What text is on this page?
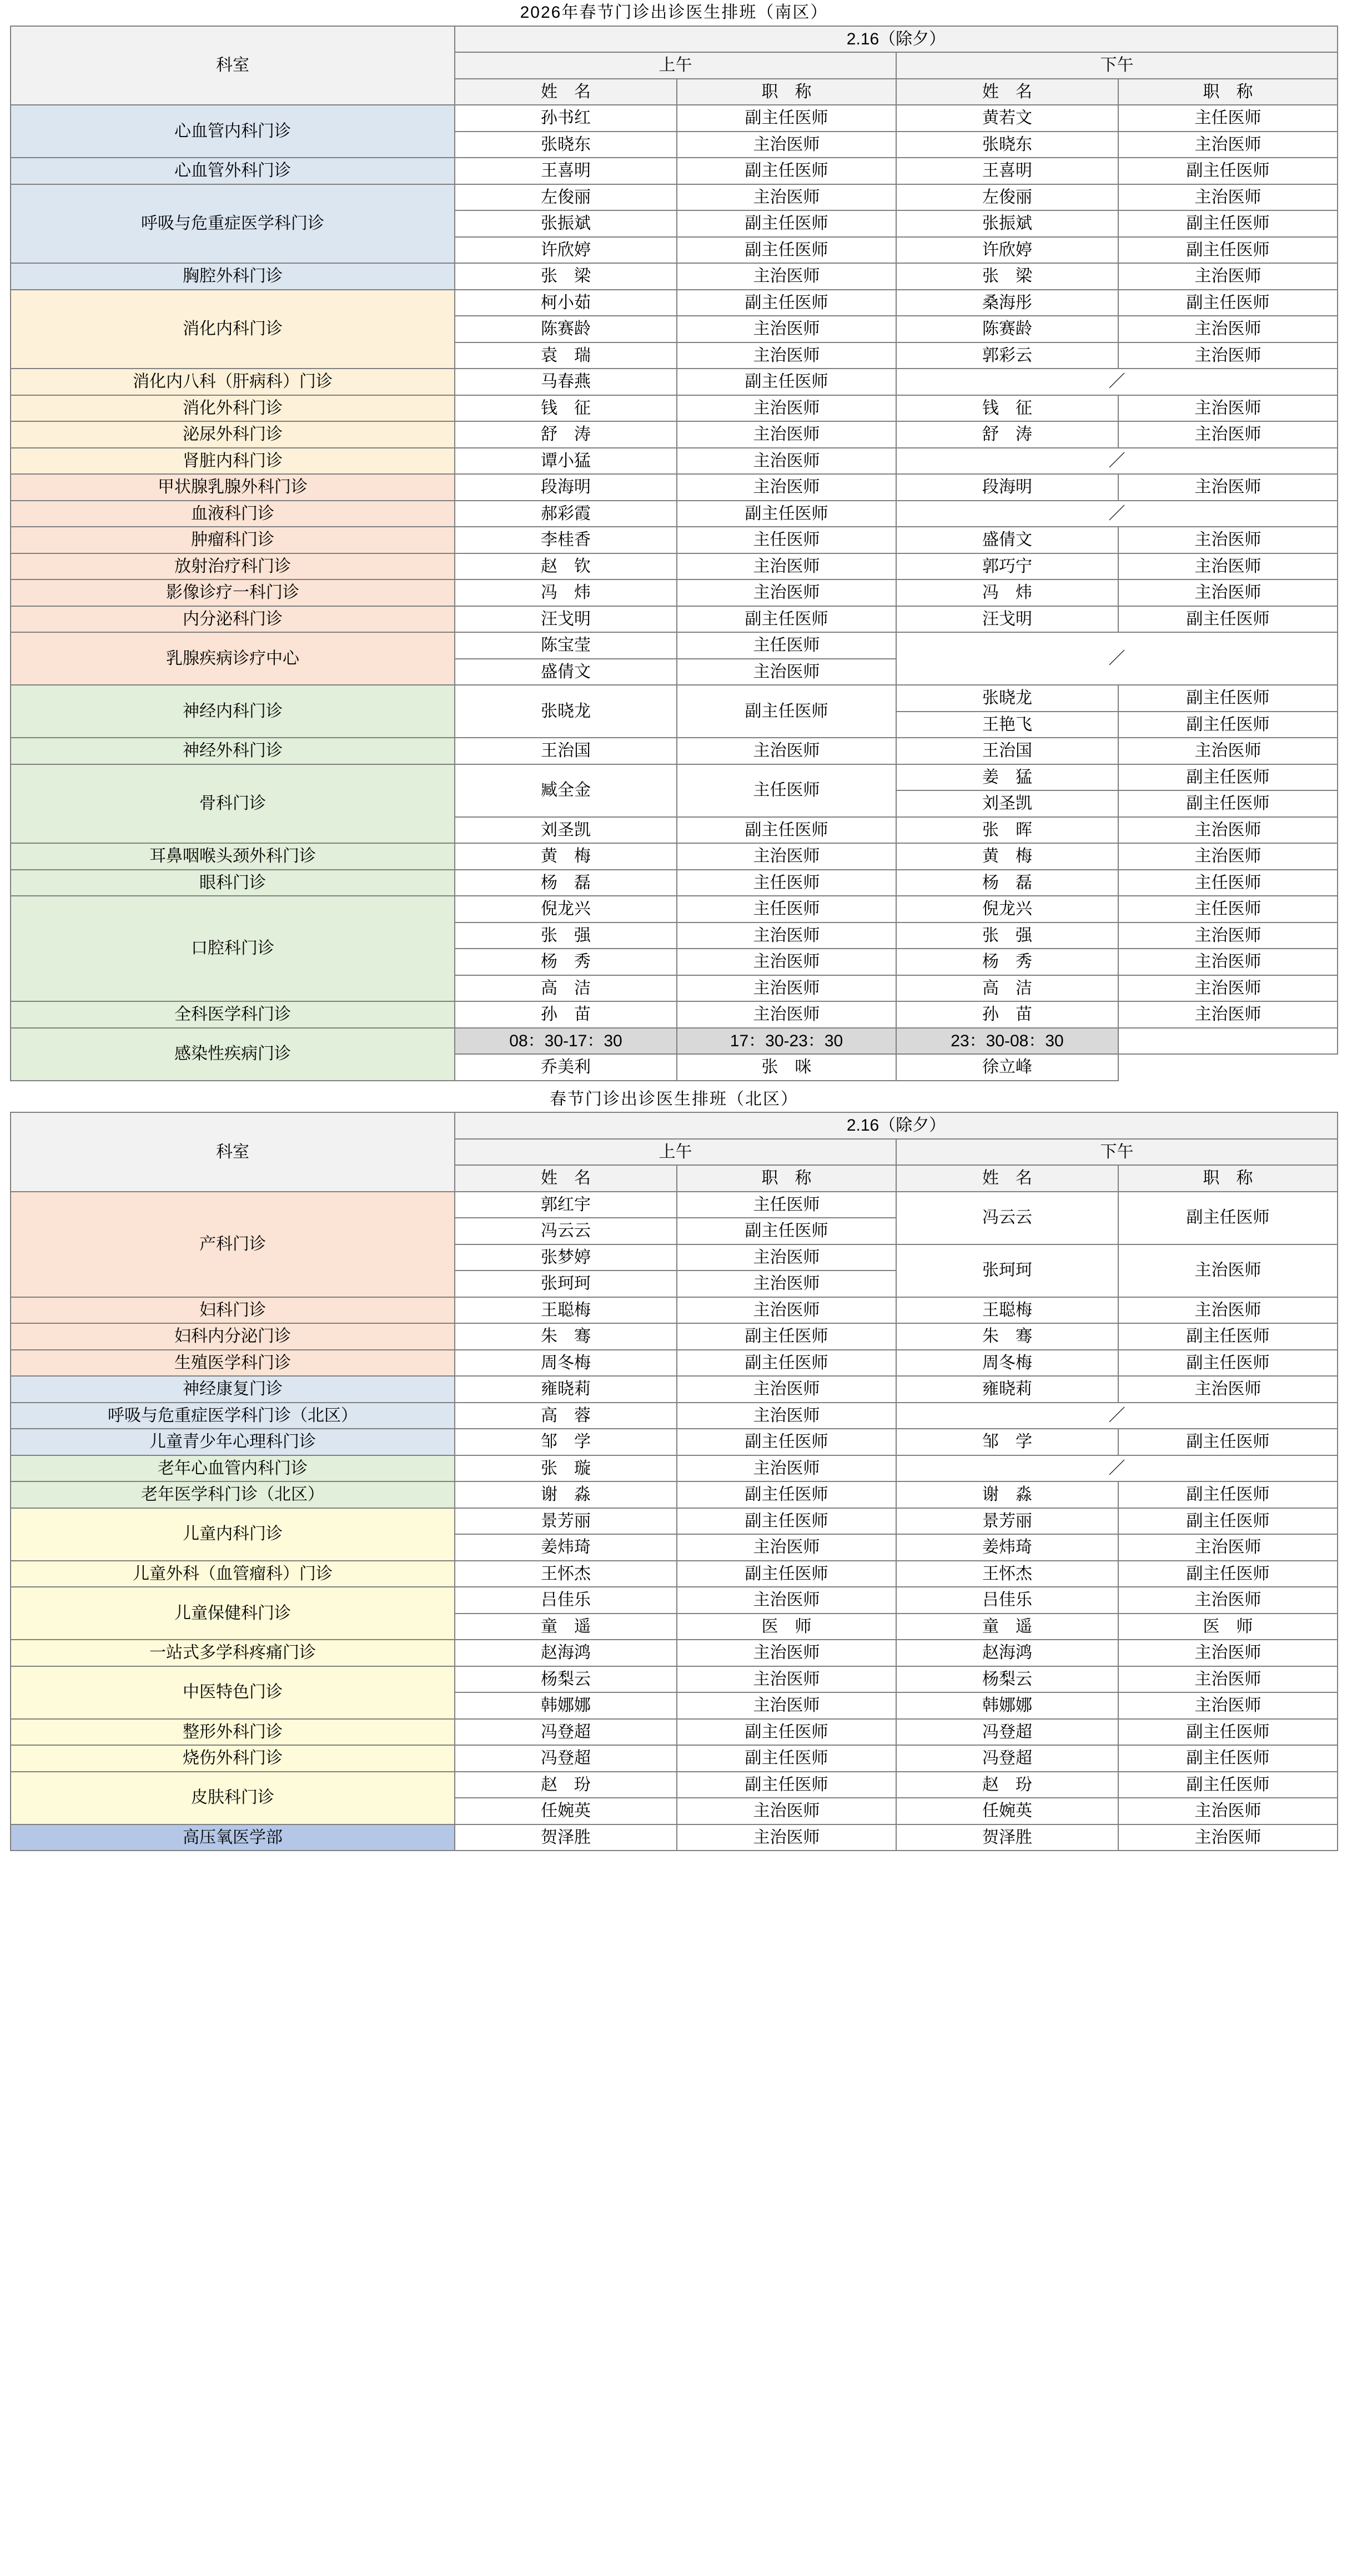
2026年春节门诊出诊医生排班（南区）				
科室	2.16（除夕）			
	上午		下午	
	姓　名	职　称	姓　名	职　称
心血管内科门诊	孙书红	副主任医师	黄若文	主任医师
	张晓东	主治医师	张晓东	主治医师
心血管外科门诊	王喜明	副主任医师	王喜明	副主任医师
呼吸与危重症医学科门诊	左俊丽	主治医师	左俊丽	主治医师
	张振斌	副主任医师	张振斌	副主任医师
	许欣婷	副主任医师	许欣婷	副主任医师
胸腔外科门诊	张　梁	主治医师	张　梁	主治医师
消化内科门诊	柯小茹	副主任医师	桑海彤	副主任医师
	陈赛龄	主治医师	陈赛龄	主治医师
	袁　瑞	主治医师	郭彩云	主治医师
消化内八科（肝病科）门诊	马春燕	副主任医师	／	
消化外科门诊	钱　征	主治医师	钱　征	主治医师
泌尿外科门诊	舒　涛	主治医师	舒　涛	主治医师
肾脏内科门诊	谭小猛	主治医师	／	
甲状腺乳腺外科门诊	段海明	主治医师	段海明	主治医师
血液科门诊	郝彩霞	副主任医师	／	
肿瘤科门诊	李桂香	主任医师	盛倩文	主治医师
放射治疗科门诊	赵　钦	主治医师	郭巧宁	主治医师
影像诊疗一科门诊	冯　炜	主治医师	冯　炜	主治医师
内分泌科门诊	汪戈明	副主任医师	汪戈明	副主任医师
乳腺疾病诊疗中心	陈宝莹	主任医师	／	
	盛倩文	主治医师		
神经内科门诊	张晓龙	副主任医师	张晓龙	副主任医师
			王艳飞	副主任医师
神经外科门诊	王治国	主治医师	王治国	主治医师
骨科门诊	臧全金	主任医师	姜　猛	副主任医师
			刘圣凯	副主任医师
	刘圣凯	副主任医师	张　晖	主治医师
耳鼻咽喉头颈外科门诊	黄　梅	主治医师	黄　梅	主治医师
眼科门诊	杨　磊	主任医师	杨　磊	主任医师
口腔科门诊	倪龙兴	主任医师	倪龙兴	主任医师
	张　强	主治医师	张　强	主治医师
	杨　秀	主治医师	杨　秀	主治医师
	高　洁	主治医师	高　洁	主治医师
全科医学科门诊	孙　苗	主治医师	孙　苗	主治医师
感染性疾病门诊	08：30-17：30	17：30-23：30	23：30-08：30	
	乔美利	张　咪	徐立峰	
春节门诊出诊医生排班（北区）				
科室	2.16（除夕）			
	上午		下午	
	姓　名	职　称	姓　名	职　称
产科门诊	郭红宇	主任医师	冯云云	副主任医师
	冯云云	副主任医师		
	张梦婷	主治医师	张珂珂	主治医师
	张珂珂	主治医师		
妇科门诊	王聪梅	主治医师	王聪梅	主治医师
妇科内分泌门诊	朱　骞	副主任医师	朱　骞	副主任医师
生殖医学科门诊	周冬梅	副主任医师	周冬梅	副主任医师
神经康复门诊	雍晓莉	主治医师	雍晓莉	主治医师
呼吸与危重症医学科门诊（北区）	高　蓉	主治医师	／	
儿童青少年心理科门诊	邹　学	副主任医师	邹　学	副主任医师
老年心血管内科门诊	张　璇	主治医师	／	
老年医学科门诊（北区）	谢　淼	副主任医师	谢　淼	副主任医师
儿童内科门诊	景芳丽	副主任医师	景芳丽	副主任医师
	姜炜琦	主治医师	姜炜琦	主治医师
儿童外科（血管瘤科）门诊	王怀杰	副主任医师	王怀杰	副主任医师
儿童保健科门诊	吕佳乐	主治医师	吕佳乐	主治医师
	童　遥	医　师	童　遥	医　师
一站式多学科疼痛门诊	赵海鸿	主治医师	赵海鸿	主治医师
中医特色门诊	杨梨云	主治医师	杨梨云	主治医师
	韩娜娜	主治医师	韩娜娜	主治医师
整形外科门诊	冯登超	副主任医师	冯登超	副主任医师
烧伤外科门诊	冯登超	副主任医师	冯登超	副主任医师
皮肤科门诊	赵　玢	副主任医师	赵　玢	副主任医师
	任婉英	主治医师	任婉英	主治医师
高压氧医学部	贺泽胜	主治医师	贺泽胜	主治医师
